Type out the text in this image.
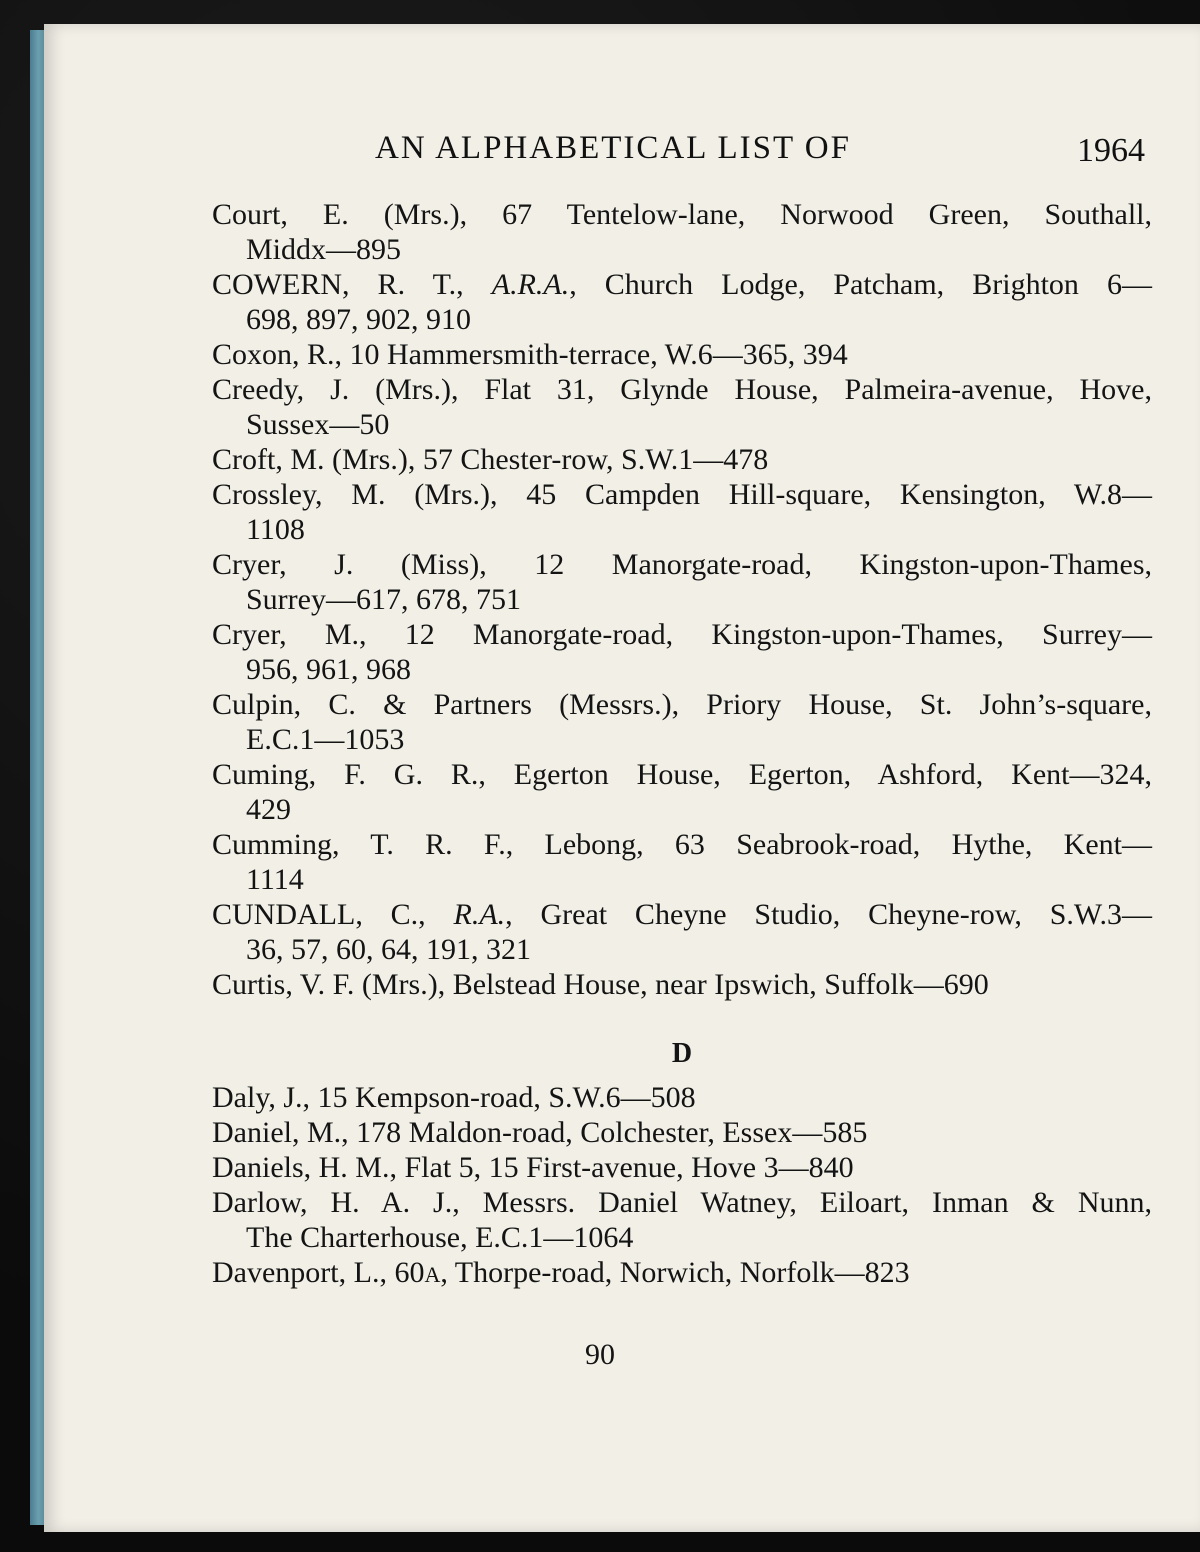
AN ALPHABETICAL LIST OF	1964
Court, E. (Mrs.), 67 Tentelow-lane, Norwood Green, Southall,
Middx—895
COWERN, R. T., A.R.A., Church Lodge, Patcham, Brighton 6—
698, 897, 902, 910
Coxon, R., 10 Hammersmith-terrace, W.6—365, 394
Creedy, J. (Mrs.), Flat 31, Glynde House, Palmeira-avenue, Hove,
Sussex—50
Croft, M. (Mrs.), 57 Chester-row, S.W.1—478
Crossley, M. (Mrs.), 45 Campden Hill-square, Kensington, W.8—
1108
Cryer, J. (Miss), 12 Manorgate-road, Kingston-upon-Thames,
Surrey—617, 678, 751
Cryer, M., 12 Manorgate-road, Kingston-upon-Thames, Surrey—
956, 961, 968
Culpin, C. & Partners (Messrs.), Priory House, St. John’s-square,
E.C.1—1053
Cuming, F. G. R., Egerton House, Egerton, Ashford, Kent—324,
429
Cumming, T. R. F., Lebong, 63 Seabrook-road, Hythe, Kent—
1114
CUNDALL, C., R.A., Great Cheyne Studio, Cheyne-row, S.W.3—
36, 57, 60, 64, 191, 321
Curtis, V. F. (Mrs.), Belstead House, near Ipswich, Suffolk—690
D
Daly, J., 15 Kempson-road, S.W.6—508
Daniel, M., 178 Maldon-road, Colchester, Essex—585
Daniels, H. M., Flat 5, 15 First-avenue, Hove 3—840
Darlow, H. A. J., Messrs. Daniel Watney, Eiloart, Inman & Nunn,
The Charterhouse, E.C.1—1064
Davenport, L., 60A, Thorpe-road, Norwich, Norfolk—823
90
